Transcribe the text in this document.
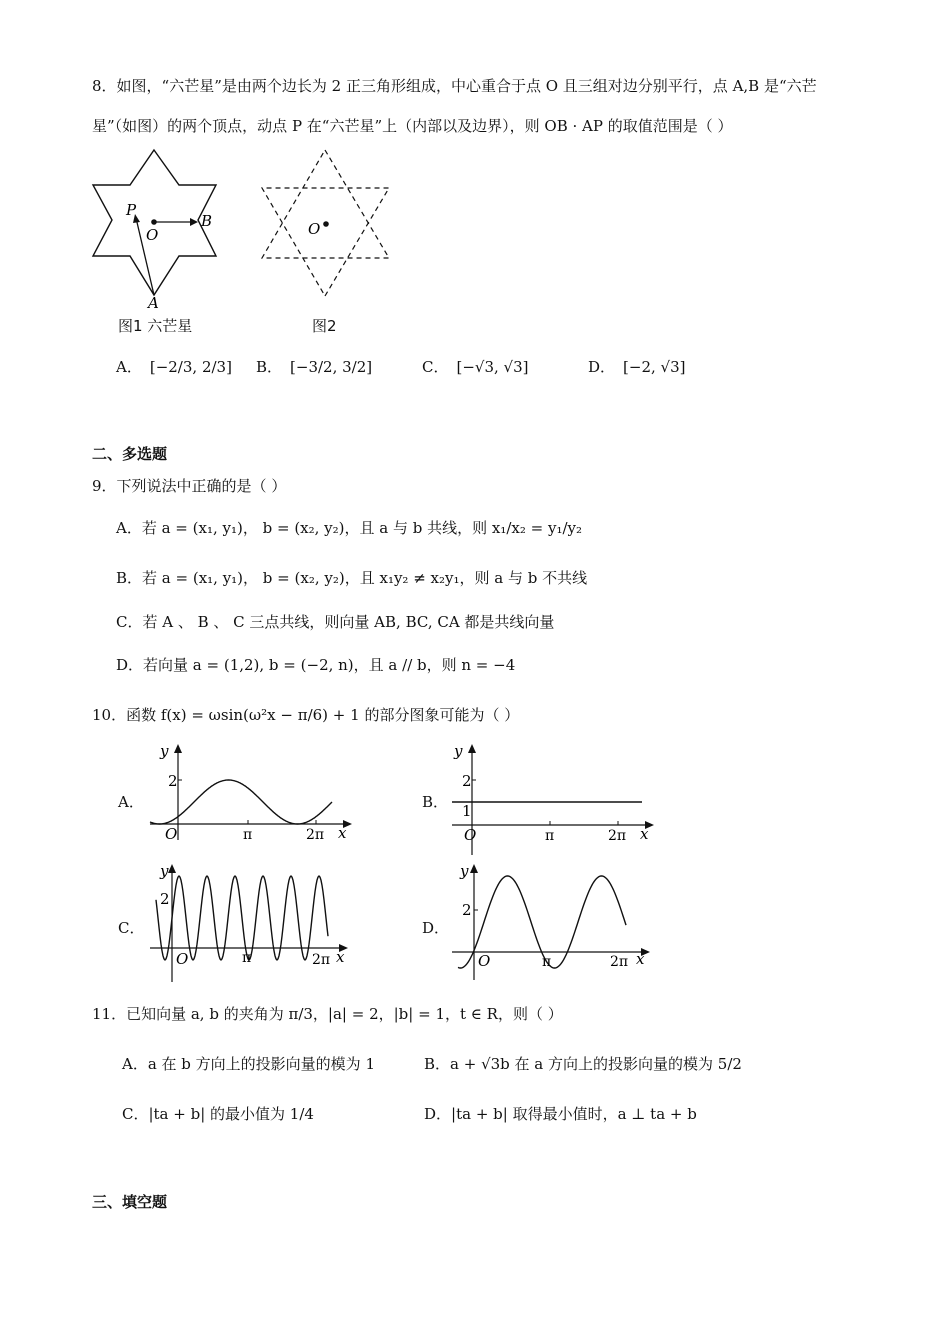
8．如图，“六芒星”是由两个边长为 2 正三角形组成，中心重合于点 O 且三组对边分别平行，点 A,B 是“六芒
星”（如图）的两个顶点，动点 P 在“六芒星”上（内部以及边界），则 OB · AP 的取值范围是（ ）
P
O
B
A
图1 六芒星
O
图2
A． [−2/3, 2/3] B． [−3/2, 3/2]	C． [−√3, √3]	D． [−2, √3]
二、多选题
9．下列说法中正确的是（ ）
A．若 a = (x₁, y₁)， b = (x₂, y₂)，且 a 与 b 共线，则 x₁/x₂ = y₁/y₂
B．若 a = (x₁, y₁)， b = (x₂, y₂)，且 x₁y₂ ≠ x₂y₁，则 a 与 b 不共线
C．若 A 、 B 、 C 三点共线，则向量 AB, BC, CA 都是共线向量
D．若向量 a = (1,2), b = (−2, n)，且 a // b，则 n = −4
10．函数 f(x) = ωsin(ω²x − π/6) + 1 的部分图象可能为（ ）
A．
y
2
O	π	2π x
B．
y
2
1
O	π	2π x
C．
y
2
O	π	2π x
D．
y
2
O	π	2π x
11．已知向量 a, b 的夹角为 π/3，|a| = 2，|b| = 1，t ∈ R，则（ ）
A．a 在 b 方向上的投影向量的模为 1	B．a + √3b 在 a 方向上的投影向量的模为 5/2
C．|ta + b| 的最小值为 1/4	D．|ta + b| 取得最小值时，a ⊥ ta + b
三、填空题
